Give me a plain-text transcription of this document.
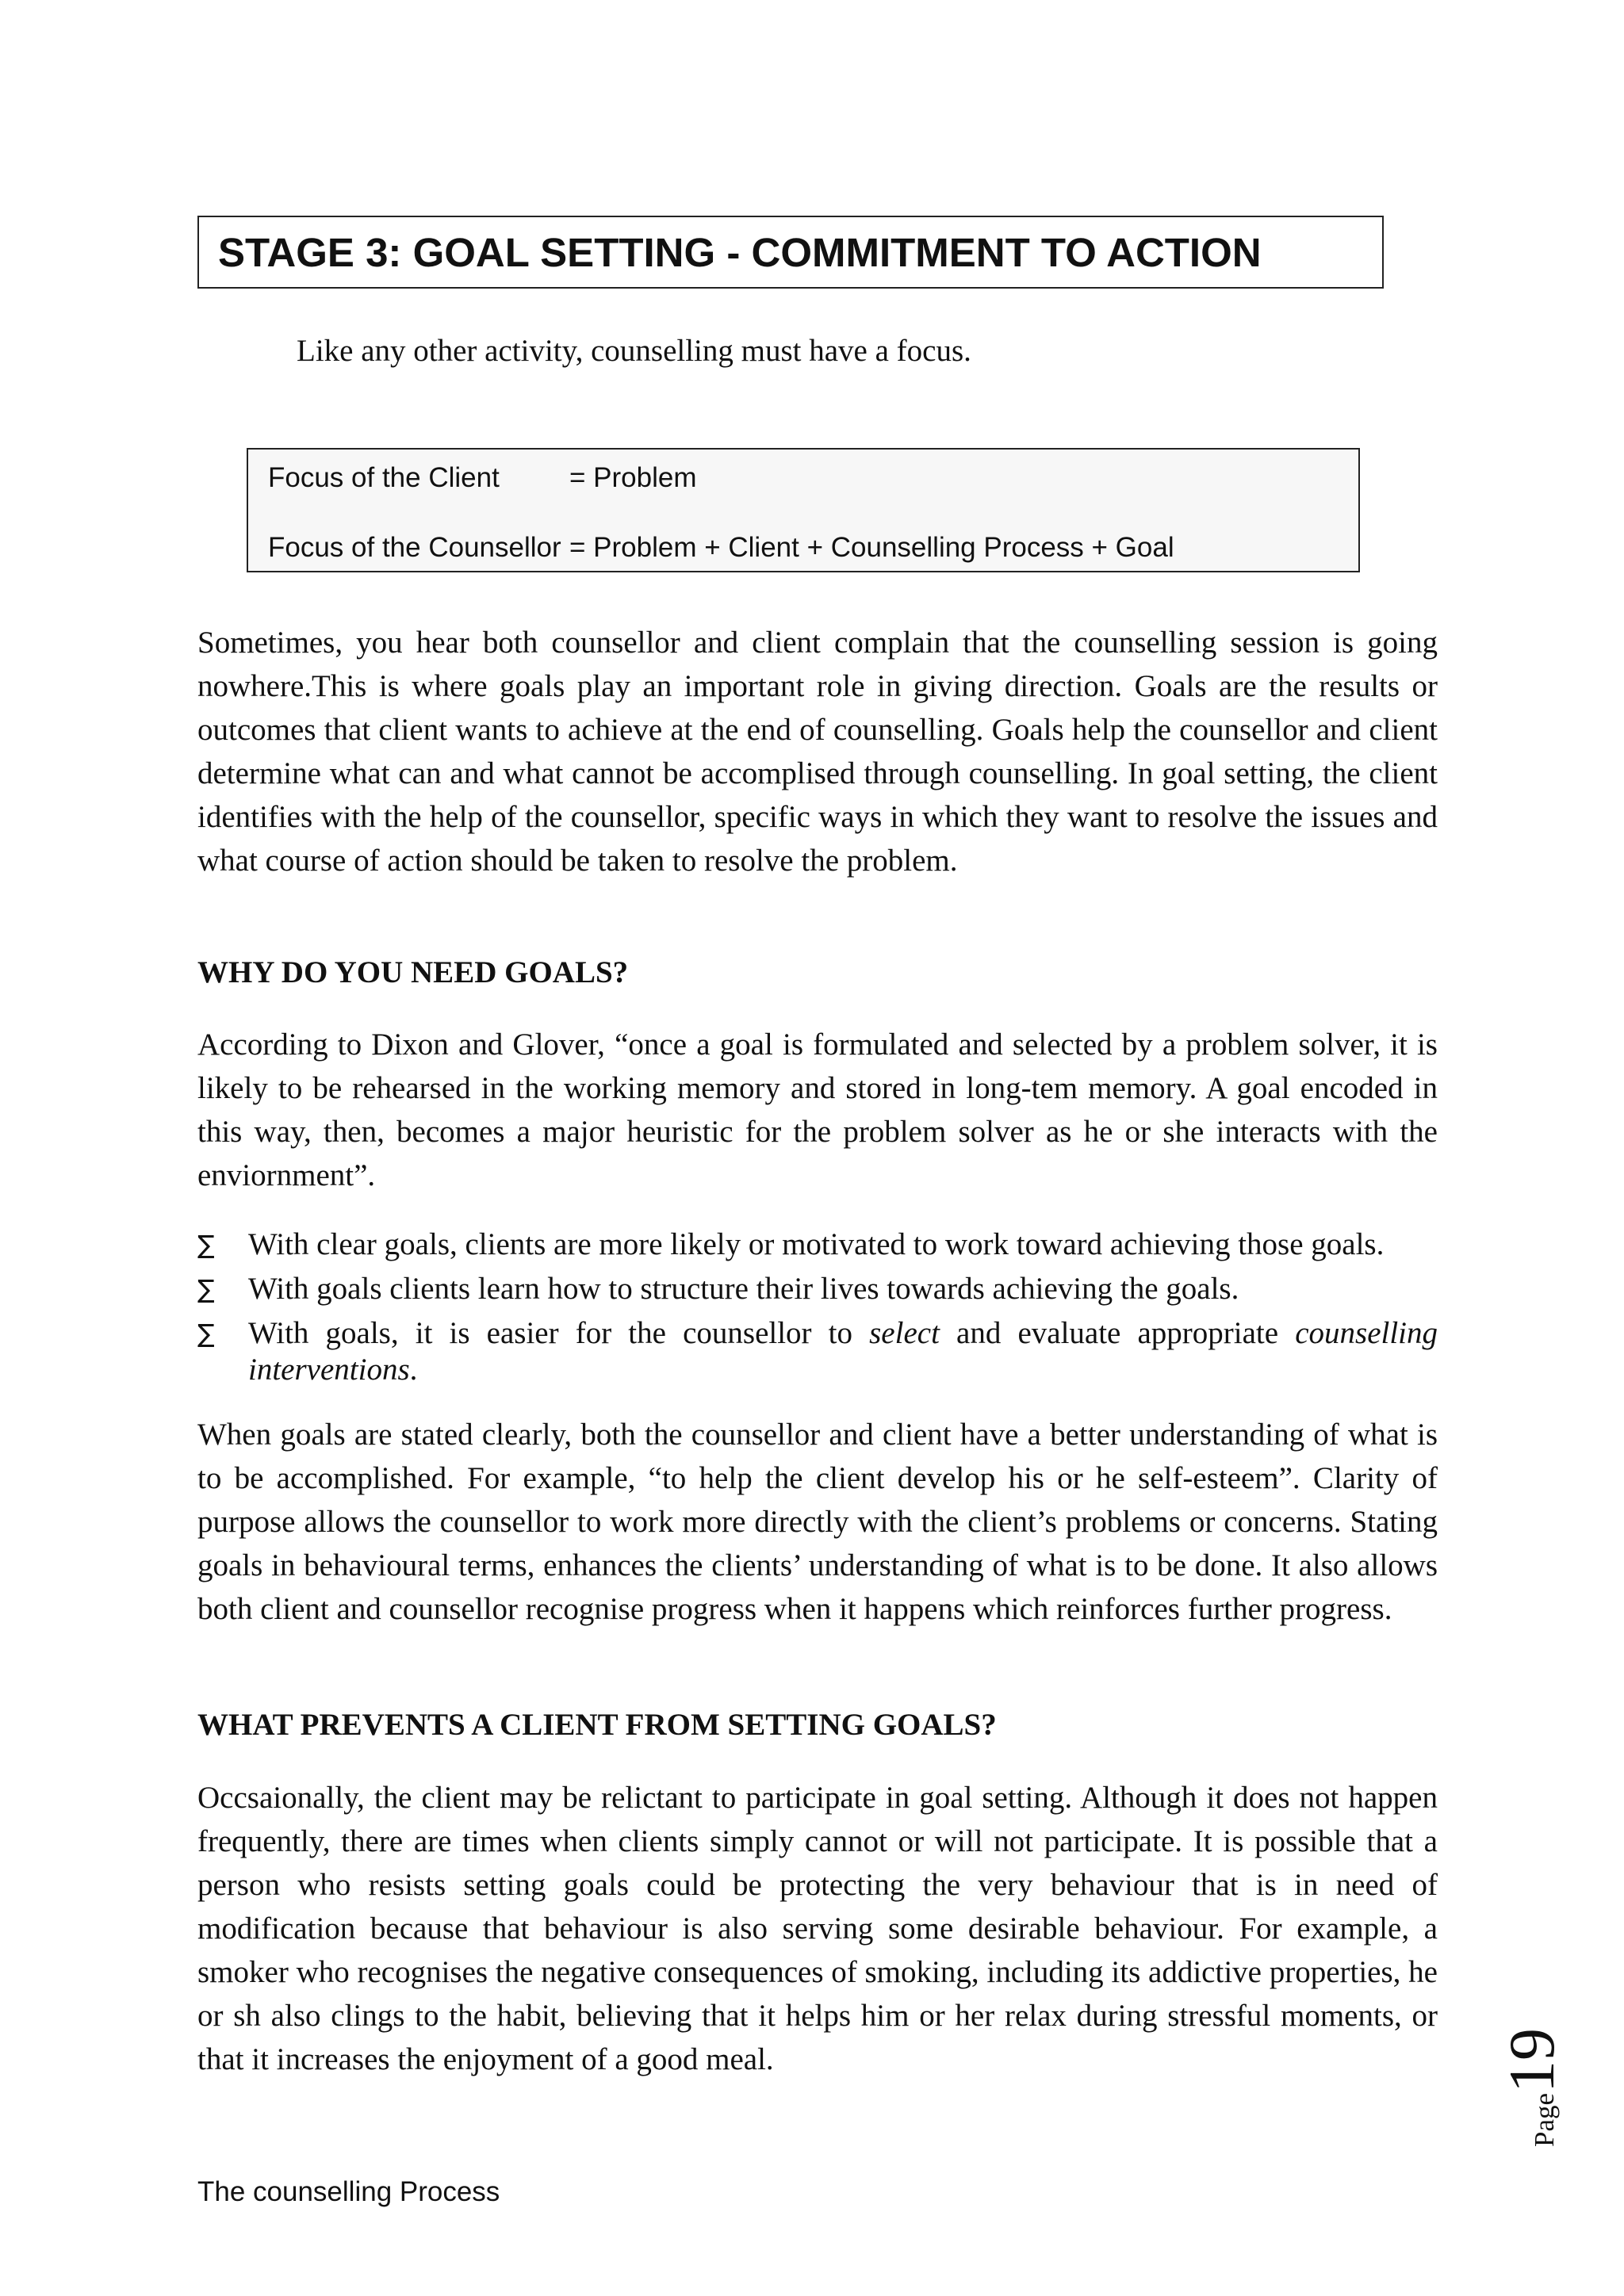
STAGE 3: GOAL SETTING - COMMITMENT TO ACTION
Like any other activity, counselling must have a focus.
Focus of the Client	= Problem
Focus of the Counsellor = Problem + Client + Counselling Process + Goal

Sometimes, you hear both counsellor and client complain that the counselling session is going nowhere.This is where goals play an important role in giving direction. Goals are the results or outcomes that client wants to achieve at the end of counselling. Goals help the counsellor and client determine what can and what cannot be accomplised through counselling. In goal setting, the client identifies with the help of the counsellor, specific ways in which they want to resolve the issues and what course of action should be taken to resolve the problem.

WHY DO YOU NEED GOALS?

According to Dixon and Glover, “once a goal is formulated and selected by a problem solver, it is likely to be rehearsed in the working memory and stored in long-tem memory. A goal encoded in this way, then, becomes a major heuristic for the problem solver as he or she interacts with the enviornment”.

∑ With clear goals, clients are more likely or motivated to work toward achieving those goals.
∑ With goals clients learn how to structure their lives towards achieving the goals.
∑ With goals, it is easier for the counsellor to select and evaluate appropriate counselling interventions.

When goals are stated clearly, both the counsellor and client have a better understanding of what is to be accomplished. For example, “to help the client develop his or he self-esteem”. Clarity of purpose allows the counsellor to work more directly with the client’s problems or concerns. Stating goals in behavioural terms, enhances the clients’ understanding of what is to be done. It also allows both client and counsellor recognise progress when it happens which reinforces further progress.

WHAT PREVENTS A CLIENT FROM SETTING GOALS?

Occsaionally, the client may be relictant to participate in goal setting. Although it does not happen frequently, there are times when clients simply cannot or will not participate. It is possible that a person who resists setting goals could be protecting the very behaviour that is in need of modification because that behaviour is also serving some desirable behaviour. For example, a smoker who recognises the negative consequences of smoking, including its addictive properties, he or sh also clings to the habit, believing that it helps him or her relax during stressful moments, or that it increases the enjoyment of a good meal.

Page19
The counselling Process
